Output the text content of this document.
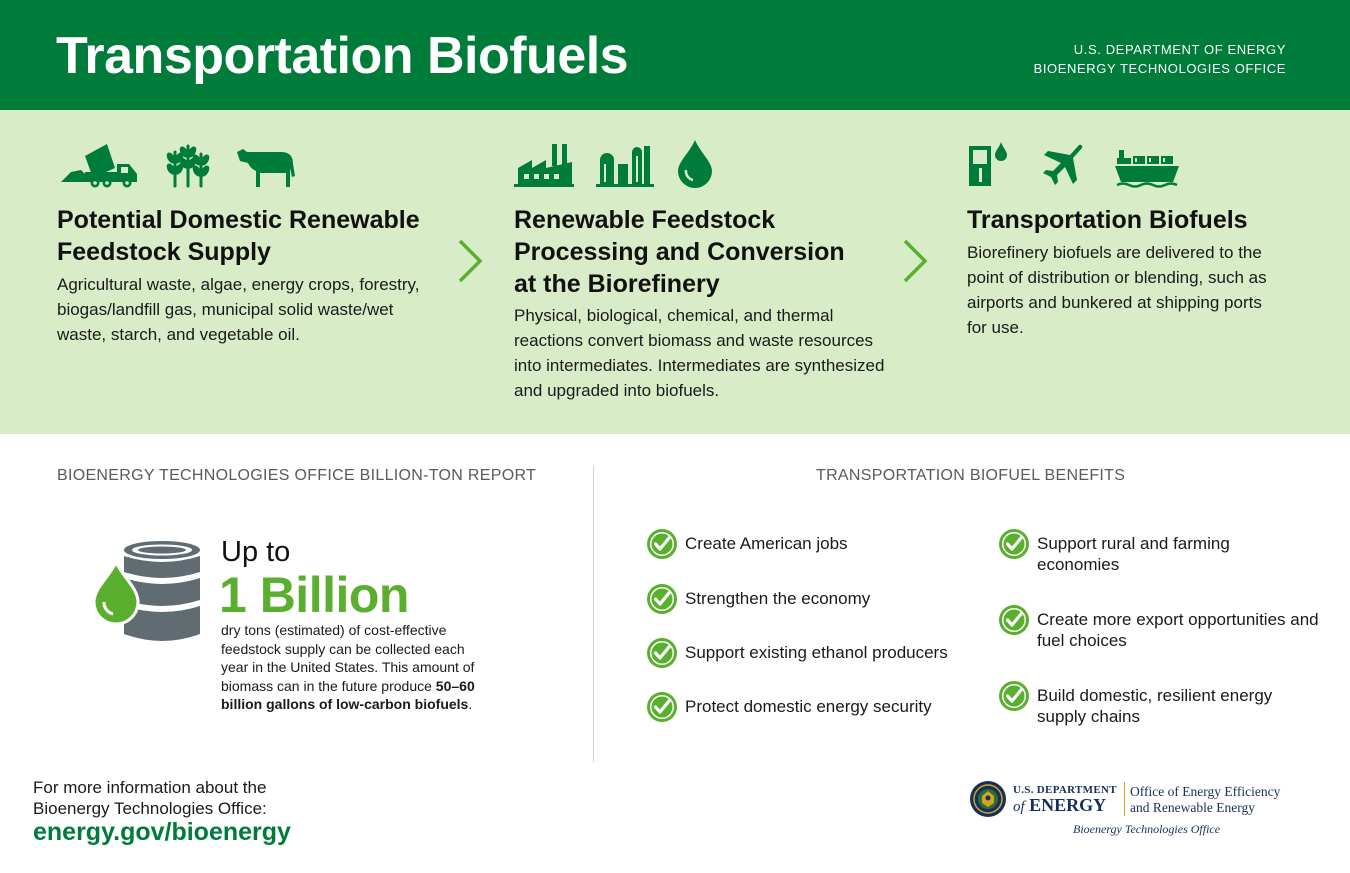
Transportation Biofuels	U.S. DEPARTMENT OF ENERGY
BIOENERGY TECHNOLOGIES OFFICE
Potential Domestic Renewable
Feedstock Supply
Agricultural waste, algae, energy crops, forestry, biogas/landfill gas, municipal solid waste/wet waste, starch, and vegetable oil.
Renewable Feedstock
Processing and Conversion
at the Biorefinery
Physical, biological, chemical, and thermal reactions convert biomass and waste resources into intermediates. Intermediates are synthesized and upgraded into biofuels.
Transportation Biofuels
Biorefinery biofuels are delivered to the point of distribution or blending, such as airports and bunkered at shipping ports for use.
BIOENERGY TECHNOLOGIES OFFICE BILLION-TON REPORT
Up to
1 Billion
dry tons (estimated) of cost-effective feedstock supply can be collected each year in the United States. This amount of biomass can in the future produce 50–60 billion gallons of low-carbon biofuels.
TRANSPORTATION BIOFUEL BENEFITS
Create American jobs
Strengthen the economy
Support existing ethanol producers
Protect domestic energy security
Support rural and farming economies
Create more export opportunities and fuel choices
Build domestic, resilient energy supply chains
For more information about the
Bioenergy Technologies Office:
energy.gov/bioenergy
U.S. DEPARTMENT
of ENERGY
Office of Energy Efficiency
and Renewable Energy
Bioenergy Technologies Office
